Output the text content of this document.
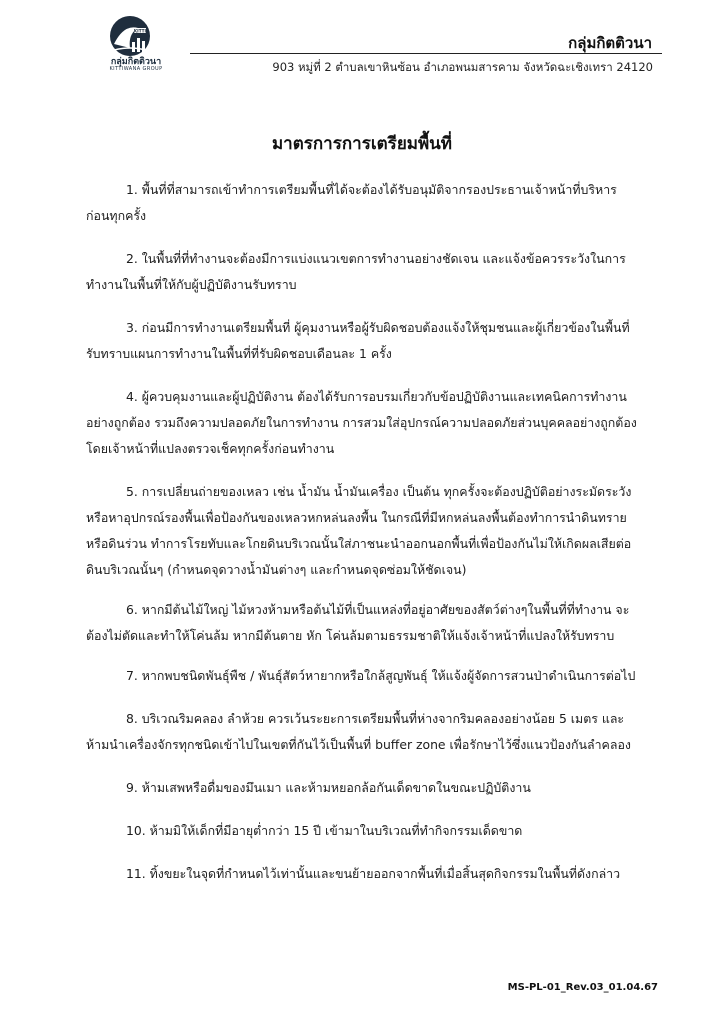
KITTI
กลุ่มกิตติวนา
KITTIWANA GROUP
กลุ่มกิตติวนา
903 หมู่ที่ 2 ตำบลเขาหินซ้อน อำเภอพนมสารคาม จังหวัดฉะเชิงเทรา 24120
มาตรการการเตรียมพื้นที่

1. พื้นที่ที่สามารถเข้าทำการเตรียมพื้นที่ได้จะต้องได้รับอนุมัติจากรองประธานเจ้าหน้าที่บริหาร ก่อนทุกครั้ง

2. ในพื้นที่ที่ทำงานจะต้องมีการแบ่งแนวเขตการทำงานอย่างชัดเจน และแจ้งข้อควรระวังในการทำงานในพื้นที่ให้กับผู้ปฏิบัติงานรับทราบ

3. ก่อนมีการทำงานเตรียมพื้นที่ ผู้คุมงานหรือผู้รับผิดชอบต้องแจ้งให้ชุมชนและผู้เกี่ยวข้องในพื้นที่รับทราบแผนการทำงานในพื้นที่ที่รับผิดชอบเดือนละ 1 ครั้ง

4. ผู้ควบคุมงานและผู้ปฏิบัติงาน ต้องได้รับการอบรมเกี่ยวกับข้อปฏิบัติงานและเทคนิคการทำงานอย่างถูกต้อง รวมถึงความปลอดภัยในการทำงาน การสวมใส่อุปกรณ์ความปลอดภัยส่วนบุคคลอย่างถูกต้อง โดยเจ้าหน้าที่แปลงตรวจเช็คทุกครั้งก่อนทำงาน

5. การเปลี่ยนถ่ายของเหลว เช่น น้ำมัน น้ำมันเครื่อง เป็นต้น ทุกครั้งจะต้องปฏิบัติอย่างระมัดระวังหรือหาอุปกรณ์รองพื้นเพื่อป้องกันของเหลวหกหล่นลงพื้น ในกรณีที่มีหกหล่นลงพื้นต้องทำการนำดินทราย หรือดินร่วน ทำการโรยทับและโกยดินบริเวณนั้นใส่ภาชนะนำออกนอกพื้นที่เพื่อป้องกันไม่ให้เกิดผลเสียต่อดินบริเวณนั้นๆ (กำหนดจุดวางน้ำมันต่างๆ และกำหนดจุดซ่อมให้ชัดเจน)

6. หากมีต้นไม้ใหญ่ ไม้หวงห้ามหรือต้นไม้ที่เป็นแหล่งที่อยู่อาศัยของสัตว์ต่างๆในพื้นที่ที่ทำงาน จะต้องไม่ตัดและทำให้โค่นล้ม หากมีต้นตาย หัก โค่นล้มตามธรรมชาติให้แจ้งเจ้าหน้าที่แปลงให้รับทราบ

7. หากพบชนิดพันธุ์พืช / พันธุ์สัตว์หายากหรือใกล้สูญพันธุ์ ให้แจ้งผู้จัดการสวนป่าดำเนินการต่อไป

8. บริเวณริมคลอง ลำห้วย ควรเว้นระยะการเตรียมพื้นที่ห่างจากริมคลองอย่างน้อย 5 เมตร และห้ามนำเครื่องจักรทุกชนิดเข้าไปในเขตที่กันไว้เป็นพื้นที่ buffer zone เพื่อรักษาไว้ซึ่งแนวป้องกันลำคลอง

9. ห้ามเสพหรือดื่มของมึนเมา และห้ามหยอกล้อกันเด็ดขาดในขณะปฏิบัติงาน

10. ห้ามมิให้เด็กที่มีอายุต่ำกว่า 15 ปี เข้ามาในบริเวณที่ทำกิจกรรมเด็ดขาด

11. ทิ้งขยะในจุดที่กำหนดไว้เท่านั้นและขนย้ายออกจากพื้นที่เมื่อสิ้นสุดกิจกรรมในพื้นที่ดังกล่าว

MS-PL-01_Rev.03_01.04.67
